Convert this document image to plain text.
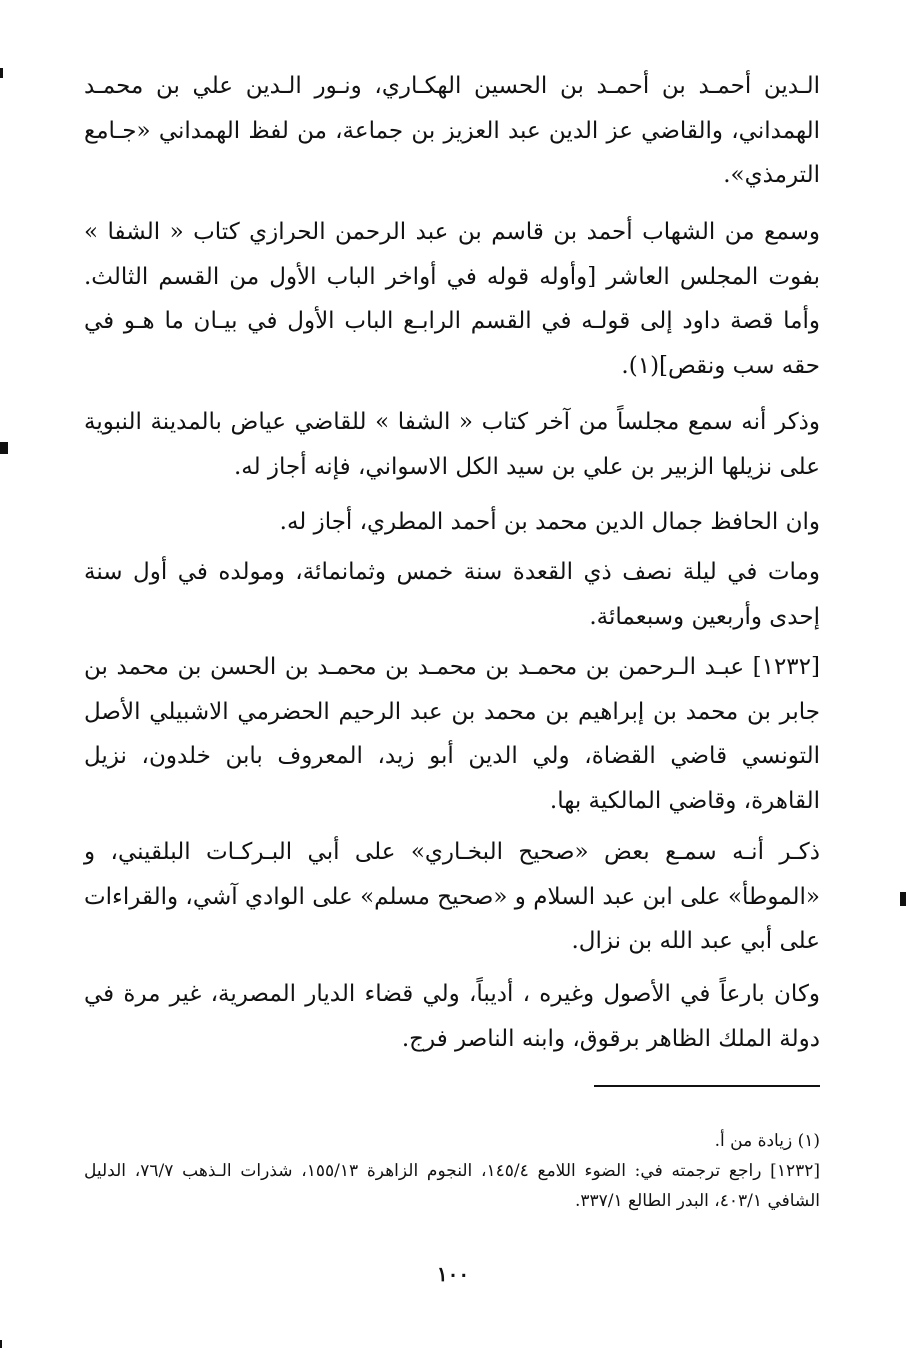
الـدين أحمـد بن أحمـد بن الحسين الهكـاري، ونـور الـدين علي بن محمـد الهمداني، والقاضي عز الدين عبد العزيز بن جماعة، من لفظ الهمداني «جـامع الترمذي».

وسمع من الشهاب أحمد بن قاسم بن عبد الرحمن الحرازي كتاب « الشفا » بفوت المجلس العاشر [وأوله قوله في أواخر الباب الأول من القسم الثالث. وأما قصة داود إلى قولـه في القسم الرابـع الباب الأول في بيـان ما هـو في حقه سب ونقص](١).

وذكر أنه سمع مجلساً من آخر كتاب « الشفا » للقاضي عياض بالمدينة النبوية على نزيلها الزبير بن علي بن سيد الكل الاسواني، فإنه أجاز له.

وان الحافظ جمال الدين محمد بن أحمد المطري، أجاز له.

ومات في ليلة نصف ذي القعدة سنة خمس وثمانمائة، ومولده في أول سنة إحدى وأربعين وسبعمائة.

[١٢٣٢] عبـد الـرحمن بن محمـد بن محمـد بن محمـد بن الحسن بن محمد بن جابر بن محمد بن إبراهيم بن محمد بن عبد الرحيم الحضرمي الاشبيلي الأصل التونسي قاضي القضاة، ولي الدين أبو زيد، المعروف بابن خلدون، نزيل القاهرة، وقاضي المالكية بها.

ذكـر أنـه سمـع بعض «صحيح البخـاري» على أبي البـركـات البلقيني، و «الموطأ» على ابن عبد السلام و «صحيح مسلم» على الوادي آشي، والقراءات على أبي عبد الله بن نزال.

وكان بارعاً في الأصول وغيره ، أديباً، ولي قضاء الديار المصرية، غير مرة في دولة الملك الظاهر برقوق، وابنه الناصر فرج.

(١) زيادة من أ.

[١٢٣٢] راجع ترجمته في: الضوء اللامع ١٤٥/٤، النجوم الزاهرة ١٥٥/١٣، شذرات الـذهب ٧٦/٧، الدليل الشافي ٤٠٣/١، البدر الطالع ٣٣٧/١.

١٠٠
